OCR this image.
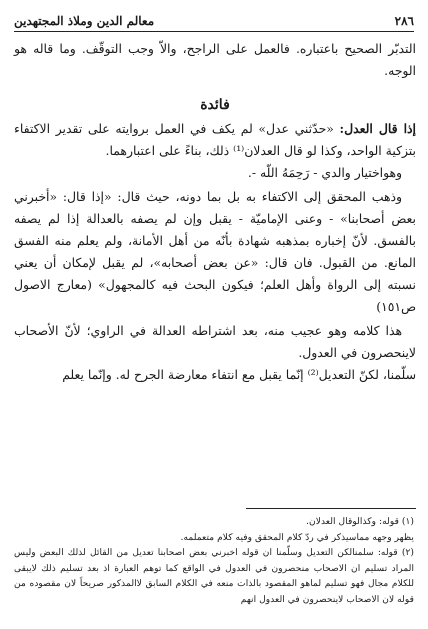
٢٨٦
معالم الدين وملاذ المجتهدين

التدبّر الصحيح باعتباره. فالعمل على الراجح، والاّ وجب التوقّف. وما قاله هو الوجه.

فائدة

إذا قال العدل: «حدّثني عدل» لم يكف في العمل بروايته على تقدير الاكتفاء بتزكية الواحد، وكذا لو قال العدلان⁽¹⁾ ذلك، بناءً على اعتبارهما.

وهواختيار والدي - رَحِمَهُ اللّه -.

وذهب المحقق إلى الاكتفاء به بل بما دونه، حيث قال: «إذا قال: «أخبرني بعض أصحابنا» - وعنى الإماميّة - يقبل وإن لم يصفه بالعدالة إذا لم يصفه بالفسق. لأنّ إخباره بمذهبه شهادة بأنّه من أهل الأمانة، ولم يعلم منه الفسق المانع. من القبول. فان قال: «عن بعض أصحابه»، لم يقبل لإمكان أن يعني نسبته إلى الرواة وأهل العلم؛ فيكون البحث فيه كالمجهول» (معارج الاصول ص١٥١)

هذا كلامه وهو عجيب منه، بعد اشتراطه العدالة في الراوي؛ لأنّ الأصحاب لاينحصرون في العدول.

سلّمنا، لكنّ التعديل⁽²⁾ إنّما يقبل مع انتفاء معارضة الجرح له. وإنّما يعلم

(١) قوله: وكذالوقال العدلان.

يظهر وجهه مماسيذكر في ردّ كلام المحقق وفيه كلام متعملمه.

(٢) قوله: سلمنالكن التعديل وسلّمنا ان قوله اخبرني بعض اصحابنا تعديل من القائل لذلك البعض وليس المراد تسليم ان الاصحاب منحصرون في العدول في الواقع كما توهم العبارة اذ بعد تسليم ذلك لايبقى للكلام مجال فهو تسليم لماهو المقصود بالذات منعه في الكلام السابق لاالمذكور صريحاً لان مقصوده من قوله لان الاصحاب لاينحصرون في العدول انهم
